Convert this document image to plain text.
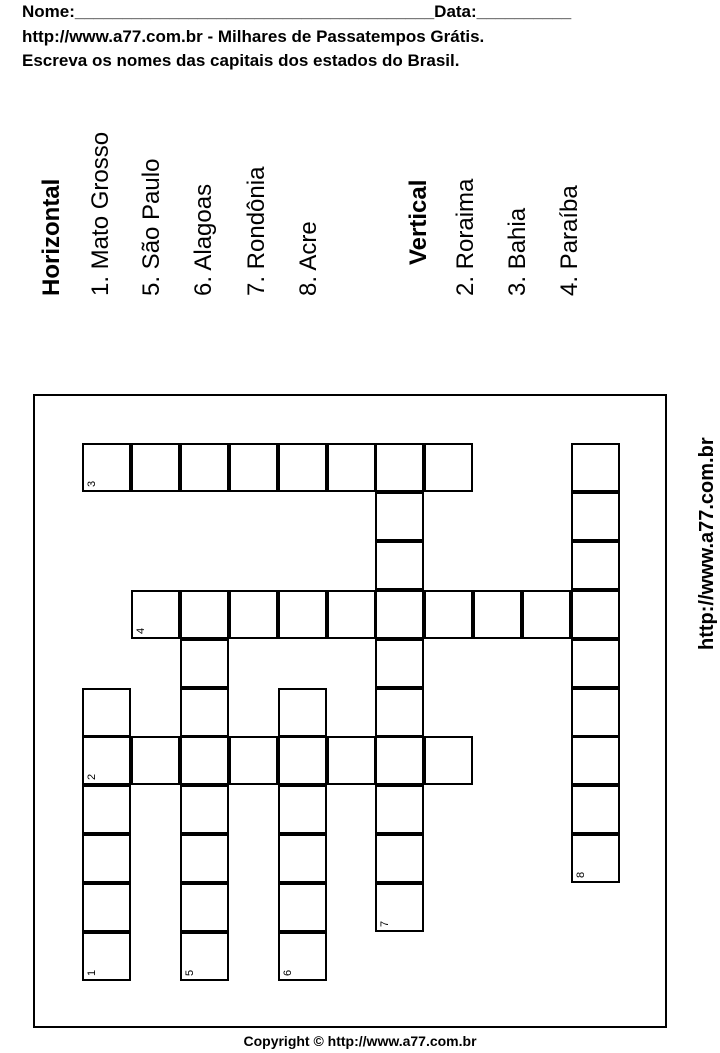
Nome:______________________________________Data:__________
http://www.a77.com.br - Milhares de Passatempos Grátis.
Escreva os nomes das capitais dos estados do Brasil.
Horizontal 1. Mato Grosso 5. São Paulo 6. Alagoas 7. Rondônia 8. Acre	Vertical 2. Roraima 3. Bahia 4. Paraíba
3
4
2
1	5	6
7
8
http://www.a77.com.br
Copyright © http://www.a77.com.br
